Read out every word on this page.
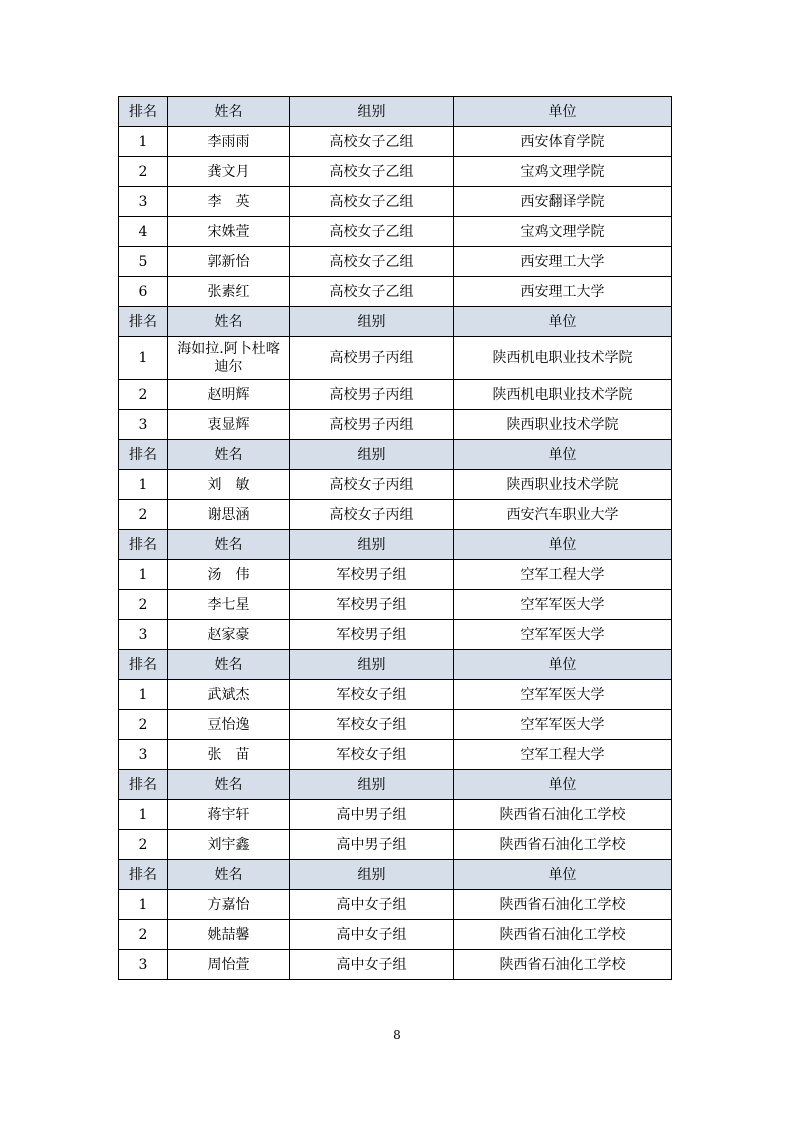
排名	姓名	组别	单位
1	李雨雨	高校女子乙组	西安体育学院
2	龚文月	高校女子乙组	宝鸡文理学院
3	李　英	高校女子乙组	西安翻译学院
4	宋姝萱	高校女子乙组	宝鸡文理学院
5	郭新怡	高校女子乙组	西安理工大学
6	张素红	高校女子乙组	西安理工大学
排名	姓名	组别	单位
1	海如拉.阿卜杜喀迪尔	高校男子丙组	陕西机电职业技术学院
2	赵明辉	高校男子丙组	陕西机电职业技术学院
3	衷显辉	高校男子丙组	陕西职业技术学院
排名	姓名	组别	单位
1	刘　敏	高校女子丙组	陕西职业技术学院
2	谢思涵	高校女子丙组	西安汽车职业大学
排名	姓名	组别	单位
1	汤　伟	军校男子组	空军工程大学
2	李七星	军校男子组	空军军医大学
3	赵家豪	军校男子组	空军军医大学
排名	姓名	组别	单位
1	武斌杰	军校女子组	空军军医大学
2	豆怡逸	军校女子组	空军军医大学
3	张　苗	军校女子组	空军工程大学
排名	姓名	组别	单位
1	蒋宇轩	高中男子组	陕西省石油化工学校
2	刘宇鑫	高中男子组	陕西省石油化工学校
排名	姓名	组别	单位
1	方嘉怡	高中女子组	陕西省石油化工学校
2	姚喆馨	高中女子组	陕西省石油化工学校
3	周怡萱	高中女子组	陕西省石油化工学校
8
